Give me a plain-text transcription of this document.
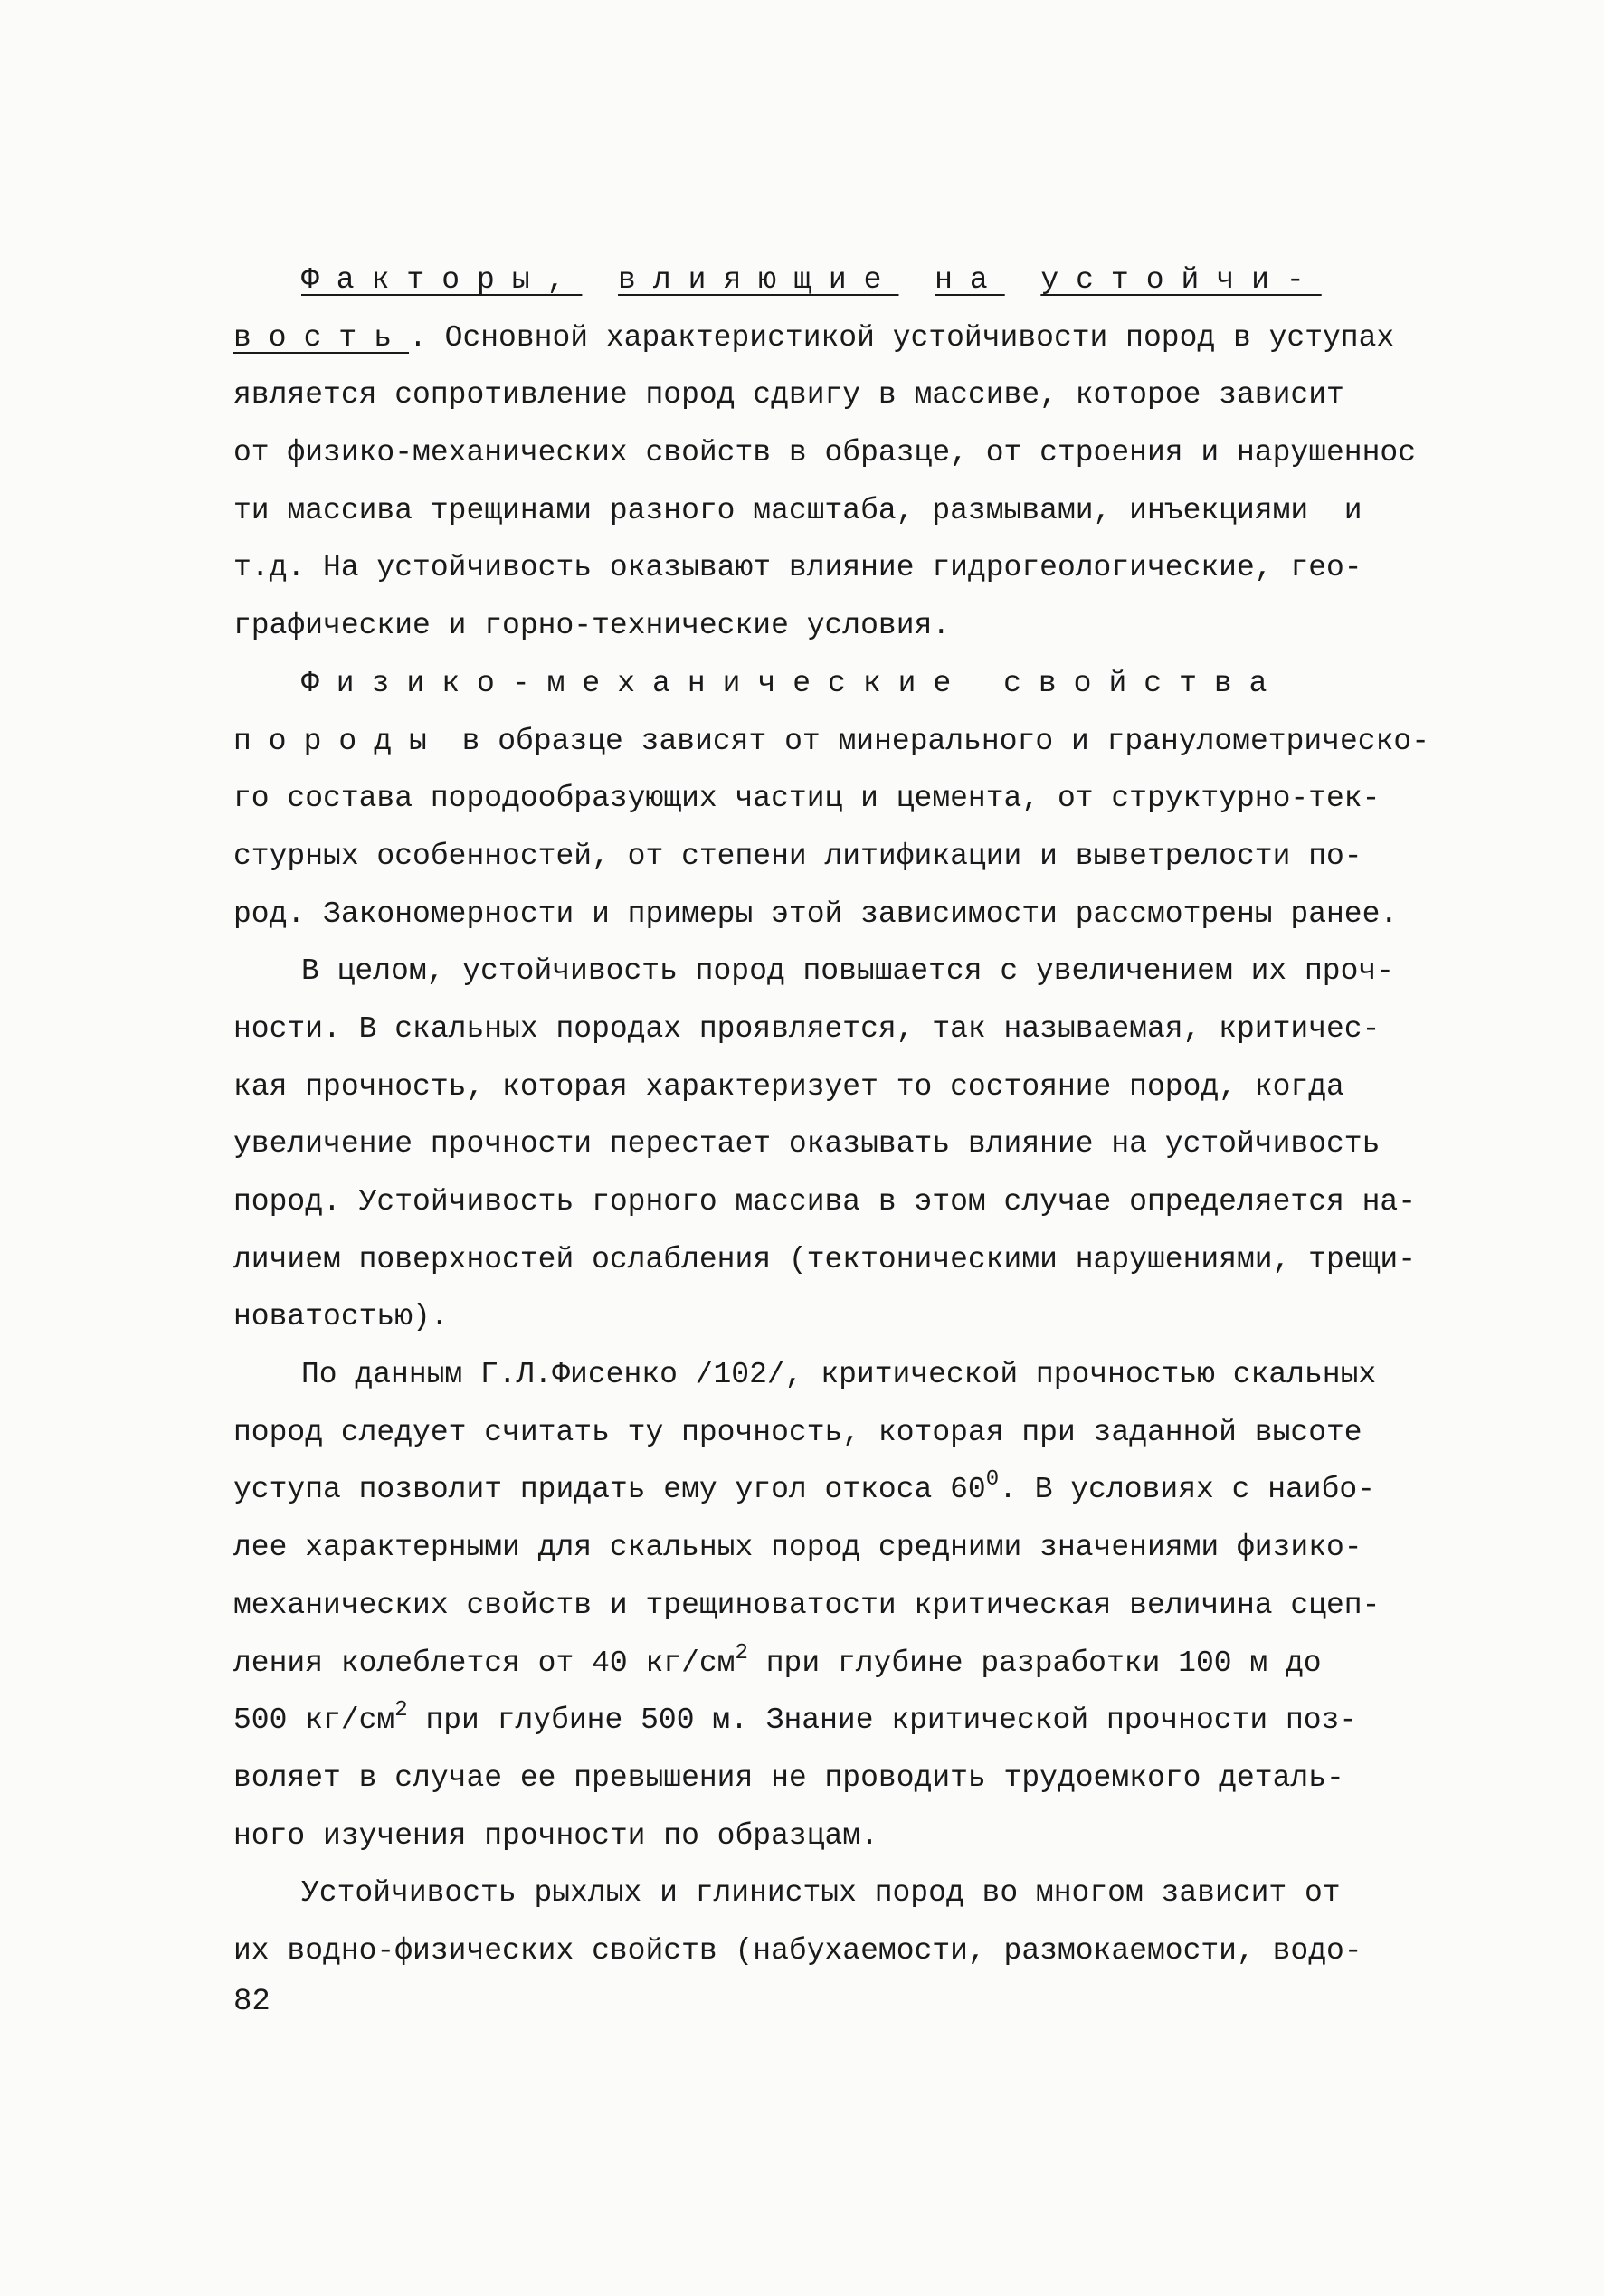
Факторы, влияющие на устойчи-
вость. Основной характеристикой устойчивости пород в уступах
является сопротивление пород сдвигу в массиве, которое зависит
от физико-механических свойств в образце, от строения и нарушеннос
ти массива трещинами разного масштаба, размывами, инъекциями  и
т.д. На устойчивость оказывают влияние гидрогеологические, гео-
графические и горно-технические условия.
Физико-механические свойства
породы в образце зависят от минерального и гранулометрическо-
го состава породообразующих частиц и цемента, от структурно-тек-
стурных особенностей, от степени литификации и выветрелости по-
род. Закономерности и примеры этой зависимости рассмотрены ранее.
В целом, устойчивость пород повышается с увеличением их проч-
ности. В скальных породах проявляется, так называемая, критичес-
кая прочность, которая характеризует то состояние пород, когда
увеличение прочности перестает оказывать влияние на устойчивость
пород. Устойчивость горного массива в этом случае определяется на-
личием поверхностей ослабления (тектоническими нарушениями, трещи-
новатостью).
По данным Г.Л.Фисенко /102/, критической прочностью скальных
пород следует считать ту прочность, которая при заданной высоте
уступа позволит придать ему угол откоса $60^0$. В условиях с наибо-
лее характерными для скальных пород средними значениями физико-
механических свойств и трещиноватости критическая величина сцеп-
ления колеблется от 40 $кг/см^2$ при глубине разработки 100 м до
500 $кг/см^2$ при глубине 500 м. Знание критической прочности поз-
воляет в случае ее превышения не проводить трудоемкого деталь-
ного изучения прочности по образцам.
Устойчивость рыхлых и глинистых пород во многом зависит от
их водно-физических свойств (набухаемости, размокаемости, водо-
82
